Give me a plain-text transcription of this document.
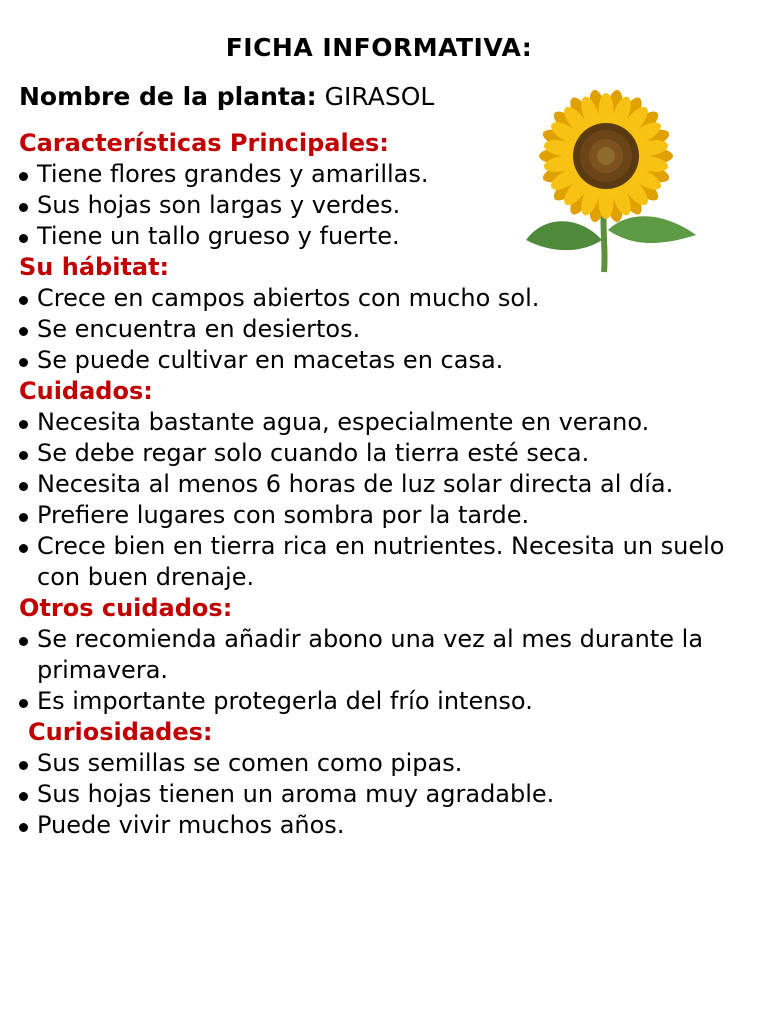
FICHA INFORMATIVA:

Nombre de la planta: GIRASOL

Características Principales:
Tiene flores grandes y amarillas.
Sus hojas son largas y verdes.
Tiene un tallo grueso y fuerte.
Su hábitat:
Crece en campos abiertos con mucho sol.
Se encuentra en desiertos.
Se puede cultivar en macetas en casa.
Cuidados:
Necesita bastante agua, especialmente en verano.
Se debe regar solo cuando la tierra esté seca.
Necesita al menos 6 horas de luz solar directa al día.
Prefiere lugares con sombra por la tarde.
Crece bien en tierra rica en nutrientes. Necesita un suelo con buen drenaje.
Otros cuidados:
Se recomienda añadir abono una vez al mes durante la primavera.
Es importante protegerla del frío intenso.
Curiosidades:
Sus semillas se comen como pipas.
Sus hojas tienen un aroma muy agradable.
Puede vivir muchos años.
